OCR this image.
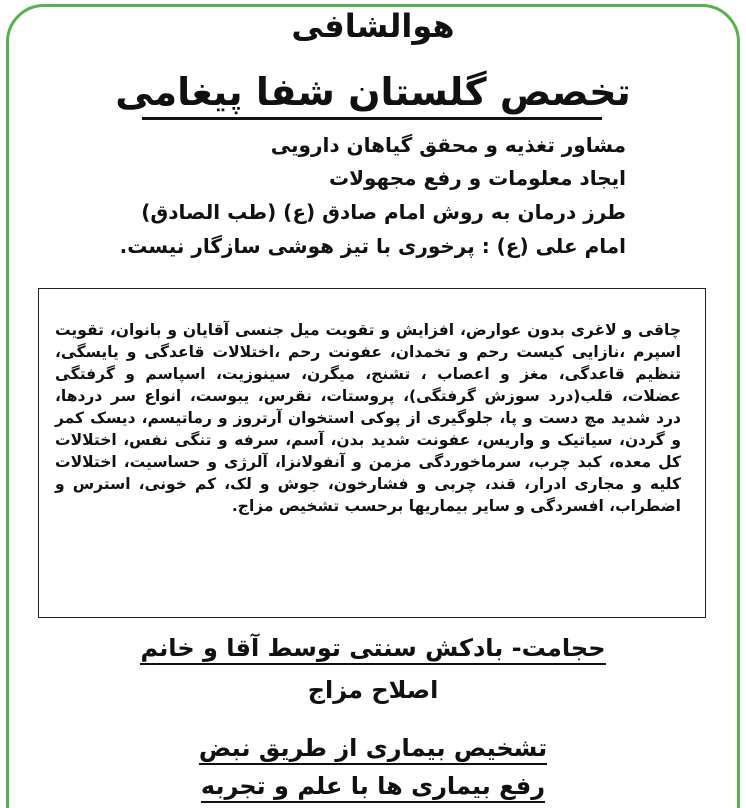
هوالشافی
تخصص گلستان شفا پیغامی
مشاور تغذیه و محقق گیاهان دارویی
ایجاد معلومات و رفع مجهولات
طرز درمان به روش امام صادق (ع) (طب الصادق)
امام علی (ع) : پرخوری با تیز هوشی سازگار نیست.

چاقی و لاغری بدون عوارض، افزایش و تقویت میل جنسی آقایان و بانوان، تقویت اسپرم ،نازایی کیست رحم و تخمدان، عفونت رحم ،اختلالات قاعدگی و یایسگی، تنظیم قاعدگی، مغز و اعصاب ، تشنج، میگرن، سینوزیت، اسپاسم و گرفتگی عضلات، قلب(درد سوزش گرفتگی)، پروستات، نقرس، یبوست، انواع سر دردها، درد شدید مچ دست و پا، جلوگیری از پوکی استخوان آرتروز و رماتیسم، دیسک کمر و گردن، سیاتیک و واریس، عفونت شدید بدن، آسم، سرفه و تنگی نفس، اختلالات کل معده، کبد چرب، سرماخوردگی مزمن و آنفولانزا، آلرژی و حساسیت، اختلالات کلیه و مجاری ادرار، قند، چربی و فشارخون، جوش و لک، کم خونی، استرس و اضطراب، افسردگی و سایر بیماریها برحسب تشخیص مزاج.

حجامت- بادکش سنتی توسط آقا و خانم
اصلاح مزاج
تشخیص بیماری از طریق نبض
رفع بیماری ها با علم و تجربه
